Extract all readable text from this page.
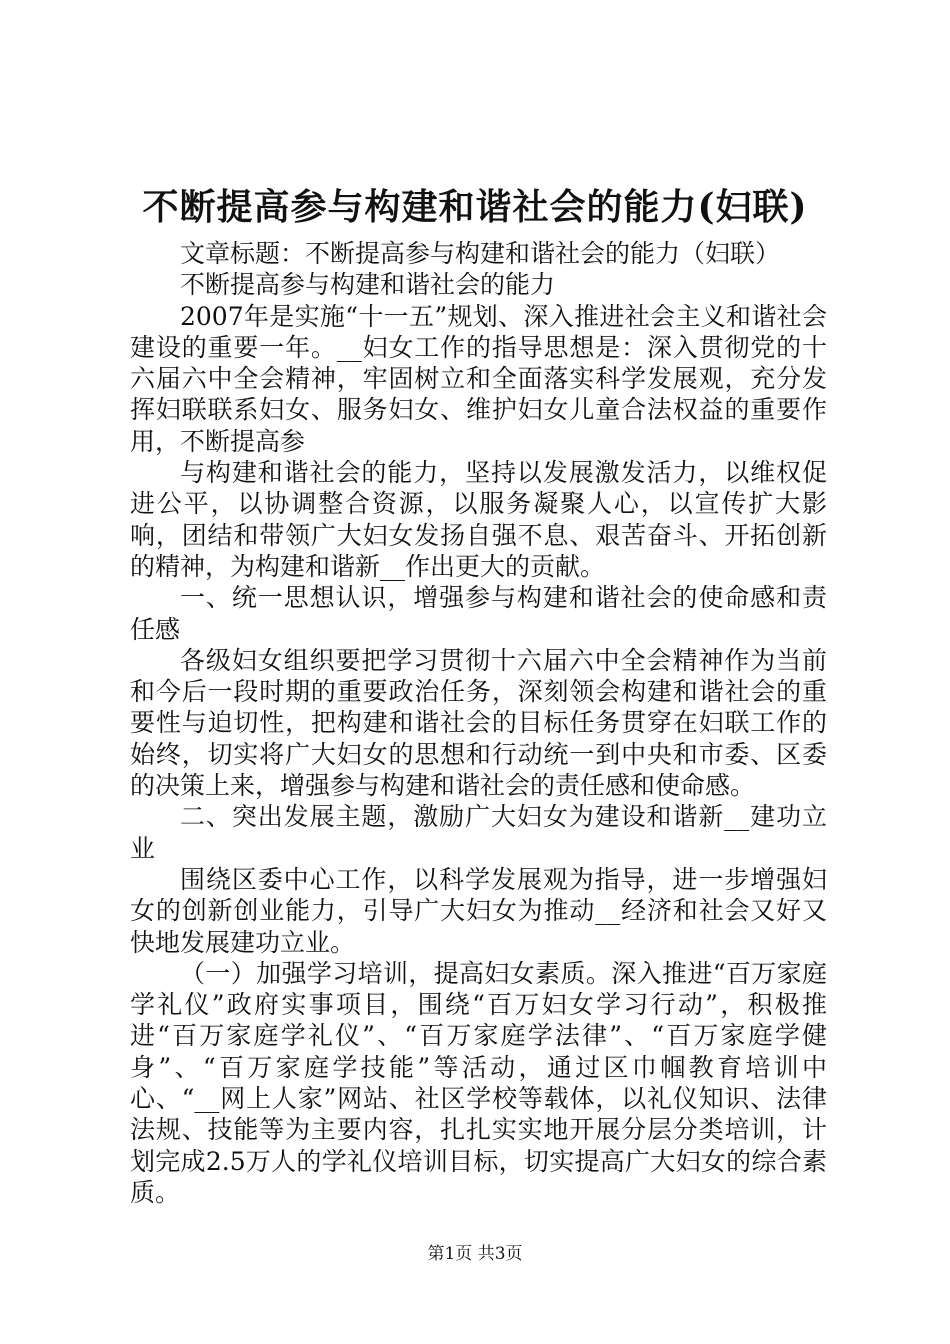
不断提高参与构建和谐社会的能力(妇联)

文章标题：不断提高参与构建和谐社会的能力（妇联）

不断提高参与构建和谐社会的能力

2007年是实施“十一五”规划、深入推进社会主义和谐社会建设的重要一年。__妇女工作的指导思想是：深入贯彻党的十六届六中全会精神，牢固树立和全面落实科学发展观，充分发挥妇联联系妇女、服务妇女、维护妇女儿童合法权益的重要作用，不断提高参

与构建和谐社会的能力，坚持以发展激发活力，以维权促进公平，以协调整合资源，以服务凝聚人心，以宣传扩大影响，团结和带领广大妇女发扬自强不息、艰苦奋斗、开拓创新的精神，为构建和谐新__作出更大的贡献。

一、统一思想认识，增强参与构建和谐社会的使命感和责任感

各级妇女组织要把学习贯彻十六届六中全会精神作为当前和今后一段时期的重要政治任务，深刻领会构建和谐社会的重要性与迫切性，把构建和谐社会的目标任务贯穿在妇联工作的始终，切实将广大妇女的思想和行动统一到中央和市委、区委的决策上来，增强参与构建和谐社会的责任感和使命感。

二、突出发展主题，激励广大妇女为建设和谐新__建功立业

围绕区委中心工作，以科学发展观为指导，进一步增强妇女的创新创业能力，引导广大妇女为推动__经济和社会又好又快地发展建功立业。

（一）加强学习培训，提高妇女素质。深入推进“百万家庭学礼仪”政府实事项目，围绕“百万妇女学习行动”，积极推进“百万家庭学礼仪”、“百万家庭学法律”、“百万家庭学健身”、“百万家庭学技能”等活动，通过区巾帼教育培训中心、“__网上人家”网站、社区学校等载体，以礼仪知识、法律法规、技能等为主要内容，扎扎实实地开展分层分类培训，计划完成2.5万人的学礼仪培训目标，切实提高广大妇女的综合素质。

第1页 共3页
